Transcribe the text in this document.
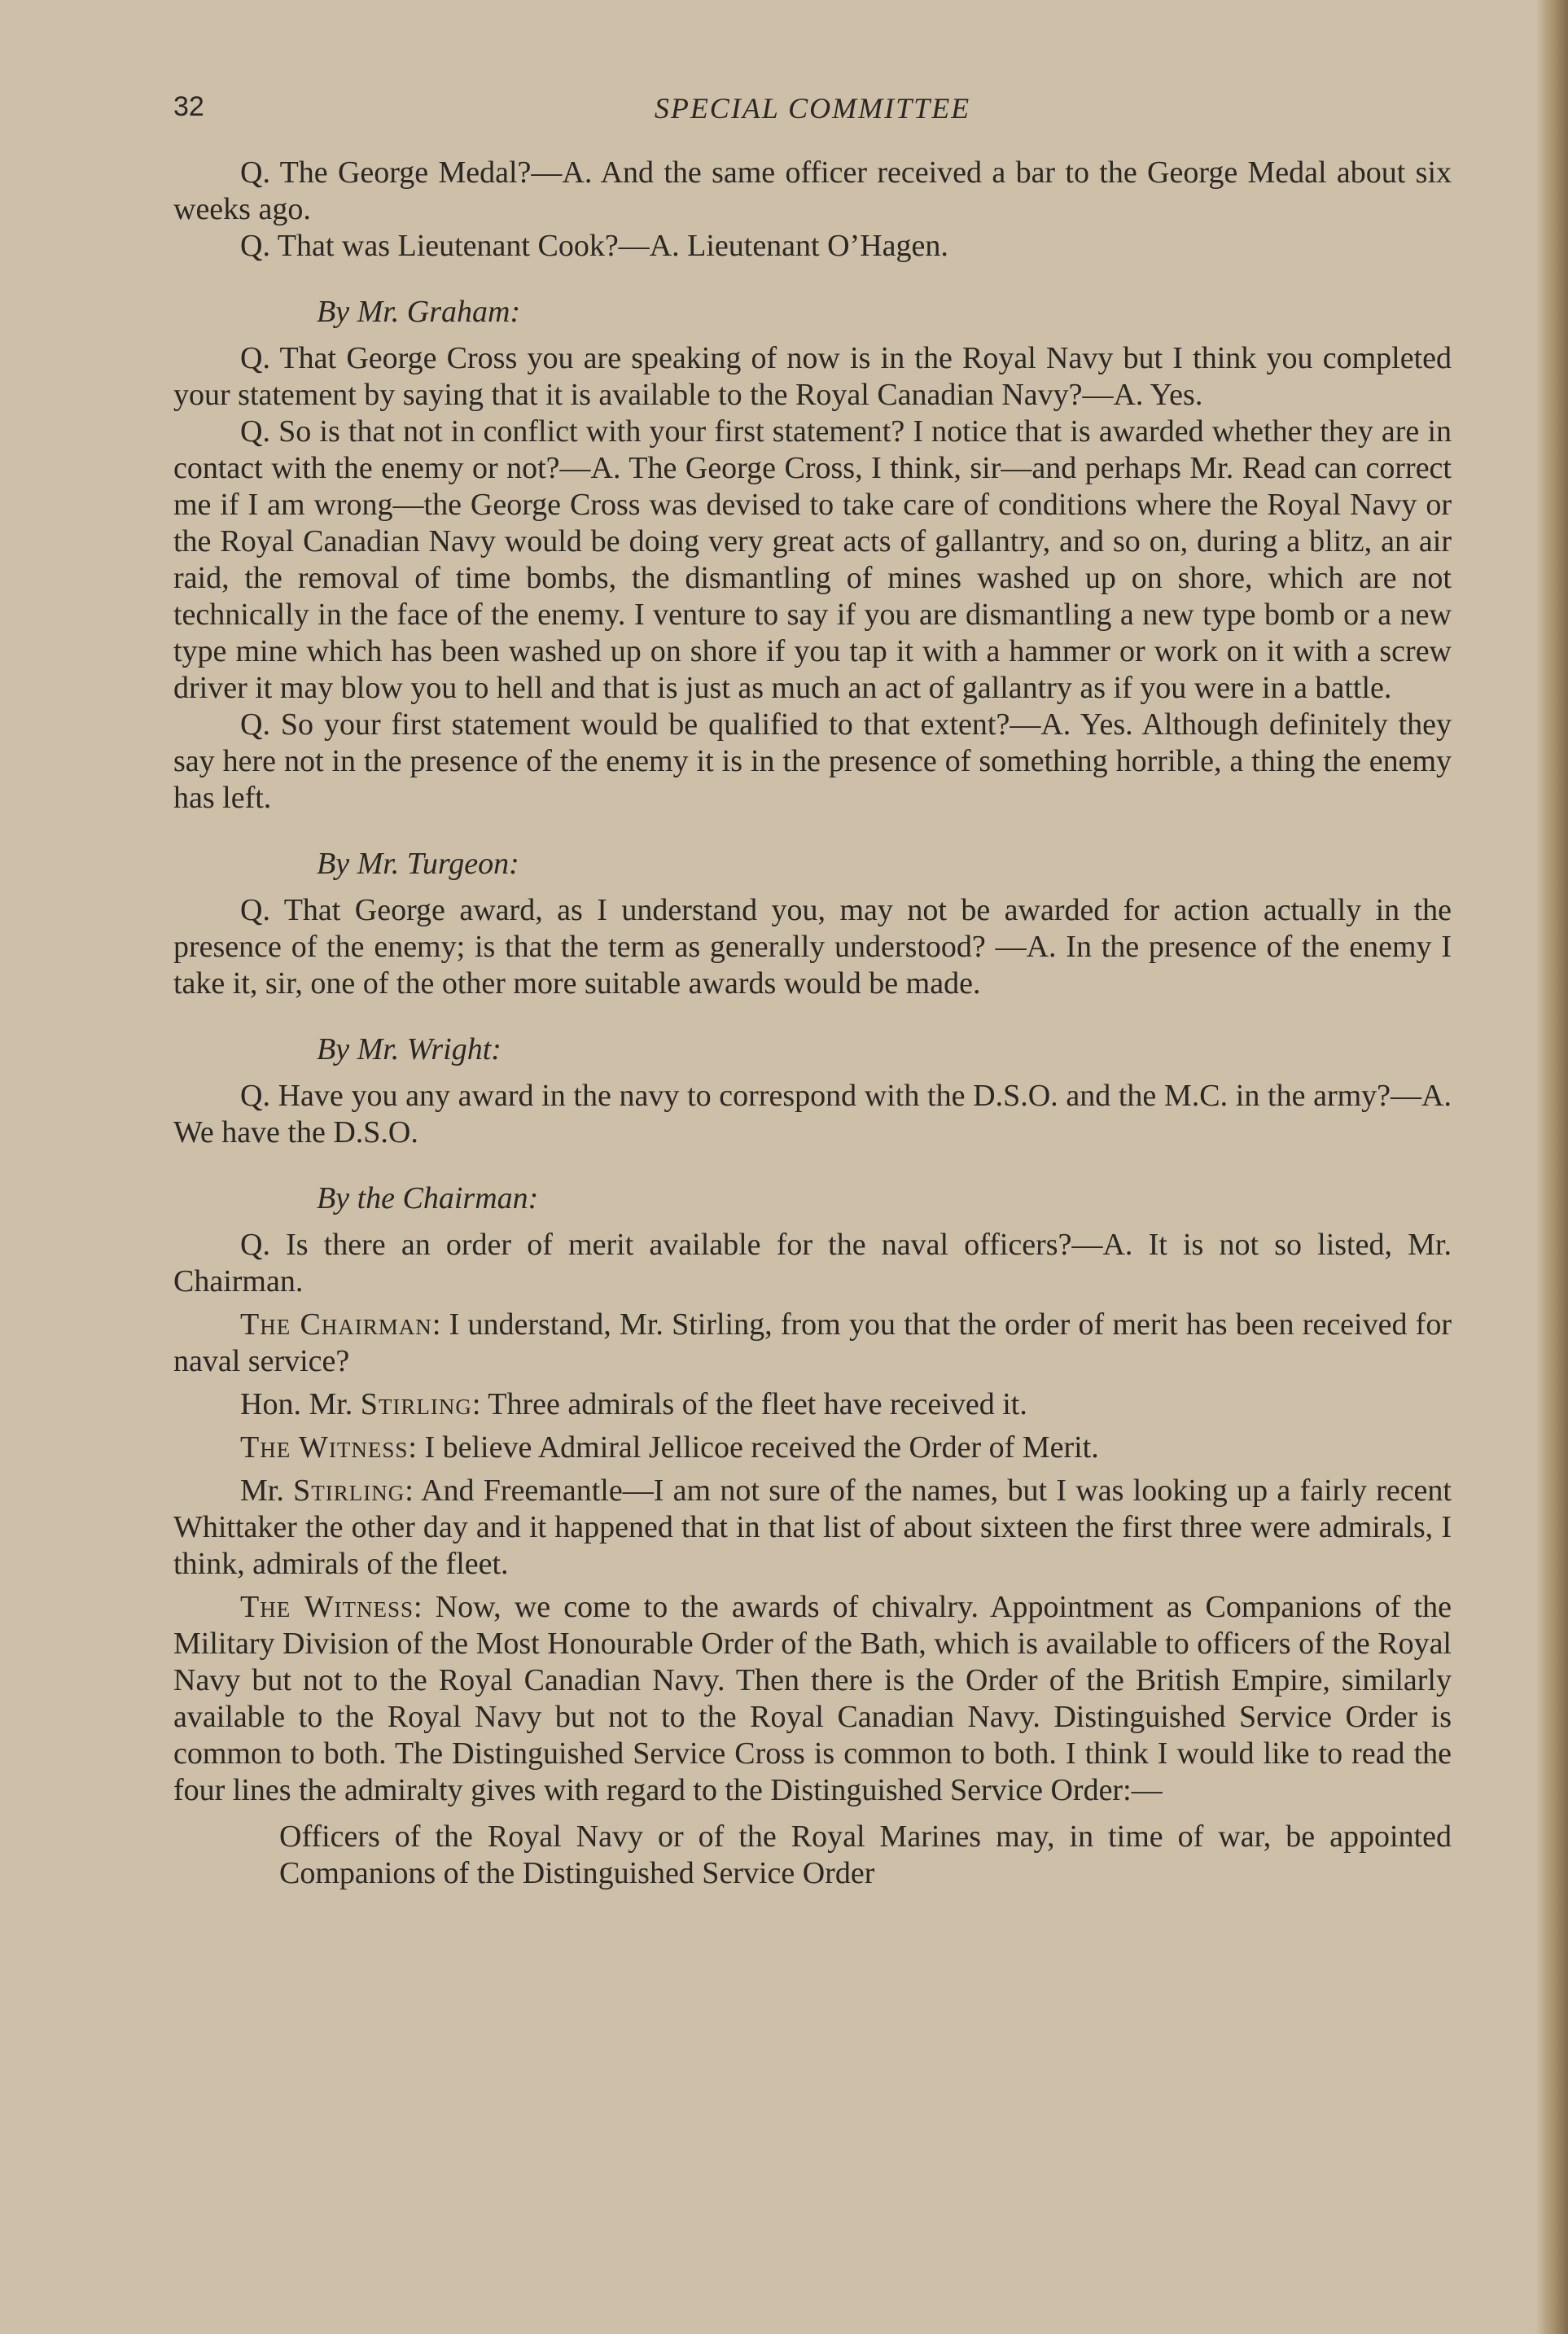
32	SPECIAL COMMITTEE

Q. The George Medal?—A. And the same officer received a bar to the George Medal about six weeks ago.

Q. That was Lieutenant Cook?—A. Lieutenant O’Hagen.

By Mr. Graham:

Q. That George Cross you are speaking of now is in the Royal Navy but I think you completed your statement by saying that it is available to the Royal Canadian Navy?—A. Yes.

Q. So is that not in conflict with your first statement? I notice that is awarded whether they are in contact with the enemy or not?—A. The George Cross, I think, sir—and perhaps Mr. Read can correct me if I am wrong—the George Cross was devised to take care of conditions where the Royal Navy or the Royal Canadian Navy would be doing very great acts of gallantry, and so on, during a blitz, an air raid, the removal of time bombs, the dismantling of mines washed up on shore, which are not technically in the face of the enemy. I venture to say if you are dismantling a new type bomb or a new type mine which has been washed up on shore if you tap it with a hammer or work on it with a screw driver it may blow you to hell and that is just as much an act of gallantry as if you were in a battle.

Q. So your first statement would be qualified to that extent?—A. Yes. Although definitely they say here not in the presence of the enemy it is in the presence of something horrible, a thing the enemy has left.

By Mr. Turgeon:

Q. That George award, as I understand you, may not be awarded for action actually in the presence of the enemy; is that the term as generally understood? —A. In the presence of the enemy I take it, sir, one of the other more suitable awards would be made.

By Mr. Wright:

Q. Have you any award in the navy to correspond with the D.S.O. and the M.C. in the army?—A. We have the D.S.O.

By the Chairman:

Q. Is there an order of merit available for the naval officers?—A. It is not so listed, Mr. Chairman.

The Chairman: I understand, Mr. Stirling, from you that the order of merit has been received for naval service?

Hon. Mr. Stirling: Three admirals of the fleet have received it.

The Witness: I believe Admiral Jellicoe received the Order of Merit.

Mr. Stirling: And Freemantle—I am not sure of the names, but I was looking up a fairly recent Whittaker the other day and it happened that in that list of about sixteen the first three were admirals, I think, admirals of the fleet.

The Witness: Now, we come to the awards of chivalry. Appointment as Companions of the Military Division of the Most Honourable Order of the Bath, which is available to officers of the Royal Navy but not to the Royal Canadian Navy. Then there is the Order of the British Empire, similarly available to the Royal Navy but not to the Royal Canadian Navy. Distinguished Service Order is common to both. The Distinguished Service Cross is common to both. I think I would like to read the four lines the admiralty gives with regard to the Distinguished Service Order:—

Officers of the Royal Navy or of the Royal Marines may, in time of war, be appointed Companions of the Distinguished Service Order
